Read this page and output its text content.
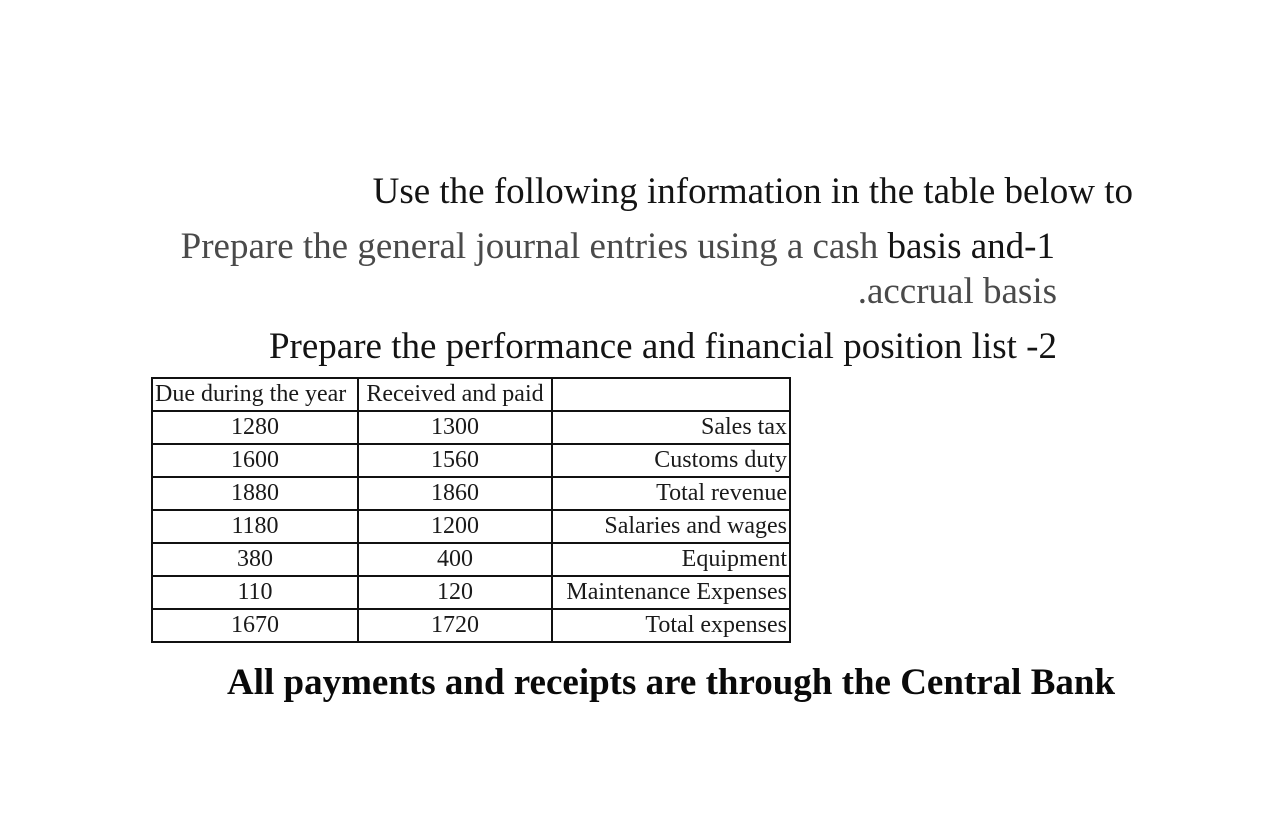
Use the following information in the table below to
Prepare the general journal entries using a cash basis and-1
.accrual basis
Prepare the performance and financial position list -2
Due during the year	Received and paid	
1280	1300	Sales tax
1600	1560	Customs duty
1880	1860	Total revenue
1180	1200	Salaries and wages
380	400	Equipment
110	120	Maintenance Expenses
1670	1720	Total expenses
All payments and receipts are through the Central Bank
